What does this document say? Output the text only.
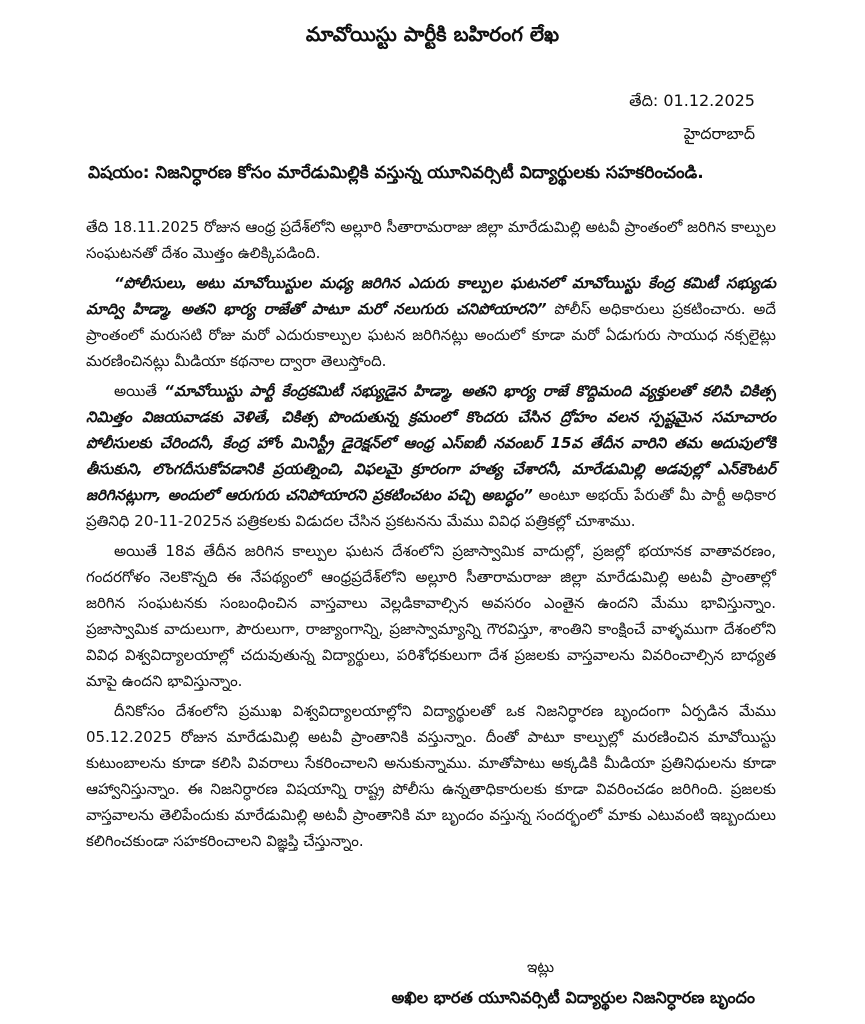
మావోయిస్టు పార్టీకి బహిరంగ లేఖ
తేది: 01.12.2025
హైదరాబాద్
విషయం: నిజనిర్ధారణ కోసం మారేడుమిల్లికి వస్తున్న యూనివర్సిటీ విద్యార్థులకు సహకరించండి.

తేది 18.11.2025 రోజున ఆంధ్ర ప్రదేశ్‌లోని అల్లూరి సీతారామరాజు జిల్లా మారేడుమిల్లి అటవీ ప్రాంతంలో జరిగిన కాల్పుల సంఘటనతో దేశం మొత్తం ఉలిక్కిపడింది.

“పోలీసులు, అటు మావోయిస్టుల మధ్య జరిగిన ఎదురు కాల్పుల ఘటనలో మావోయిస్టు కేంద్ర కమిటీ సభ్యుడు మాద్వి హిడ్మా, అతని భార్య రాజేతో పాటూ మరో నలుగురు చనిపోయారని” పోలీస్ అధికారులు ప్రకటించారు. అదే ప్రాంతంలో మరుసటి రోజు మరో ఎదురుకాల్పుల ఘటన జరిగినట్లు అందులో కూడా మరో ఏడుగురు సాయుధ నక్సలైట్లు మరణించినట్లు మీడియా కథనాల ద్వారా తెలుస్తోంది.

అయితే “మావోయిస్టు పార్టీ కేంద్రకమిటీ సభ్యుడైన హిడ్మా, అతని భార్య రాజే కొద్దిమంది వ్యక్తులతో కలిసి చికిత్స నిమిత్తం విజయవాడకు వెళితే, చికిత్స పొందుతున్న క్రమంలో కొందరు చేసిన ద్రోహం వలన స్పష్టమైన సమాచారం పోలీసులకు చేరిందనీ, కేంద్ర హోం మినిస్ట్రీ డైరెక్షన్‌లో ఆంధ్ర ఎస్ఐబీ నవంబర్ 15వ తేదీన వారిని తమ అదుపులోకి తీసుకుని, లొంగదీసుకోవడానికి ప్రయత్నించి, విఫలమై క్రూరంగా హత్య చేశారనీ, మారేడుమిల్లి అడవుల్లో ఎన్‌కౌంటర్ జరిగినట్లుగా, అందులో ఆరుగురు చనిపోయారని ప్రకటించటం పచ్చి అబద్ధం” అంటూ అభయ్ పేరుతో మీ పార్టీ అధికార ప్రతినిధి 20-11-2025న పత్రికలకు విడుదల చేసిన ప్రకటనను మేము వివిధ పత్రికల్లో చూశాము.

అయితే 18వ తేదీన జరిగిన కాల్పుల ఘటన దేశంలోని ప్రజాస్వామిక వాదుల్లో, ప్రజల్లో భయానక వాతావరణం, గందరగోళం నెలకొన్నది ఈ నేపథ్యంలో ఆంధ్రప్రదేశ్‌లోని అల్లూరి సీతారామరాజు జిల్లా మారేడుమిల్లి అటవీ ప్రాంతాల్లో జరిగిన సంఘటనకు సంబంధించిన వాస్తవాలు వెల్లడికావాల్సిన అవసరం ఎంతైన ఉందని మేము భావిస్తున్నాం. ప్రజాస్వామిక వాదులుగా, పౌరులుగా, రాజ్యాంగాన్ని, ప్రజాస్వామ్యాన్ని గౌరవిస్తూ, శాంతిని కాంక్షించే వాళ్ళముగా దేశంలోని వివిధ విశ్వవిద్యాలయాల్లో చదువుతున్న విద్యార్థులు, పరిశోధకులుగా దేశ ప్రజలకు వాస్తవాలను వివరించాల్సిన బాధ్యత మాపై ఉందని భావిస్తున్నాం.

దీనికోసం దేశంలోని ప్రముఖ విశ్వవిద్యాలయాల్లోని విద్యార్థులతో ఒక నిజనిర్ధారణ బృందంగా ఏర్పడిన మేము 05.12.2025 రోజున మారేడుమిల్లి అటవీ ప్రాంతానికి వస్తున్నాం. దీంతో పాటూ కాల్పుల్లో మరణించిన మావోయిస్టు కుటుంబాలను కూడా కలిసి వివరాలు సేకరించాలని అనుకున్నాము. మాతోపాటు అక్కడికి మీడియా ప్రతినిధులను కూడా ఆహ్వానిస్తున్నాం. ఈ నిజనిర్ధారణ విషయాన్ని రాష్ట్ర పోలీసు ఉన్నతాధికారులకు కూడా వివరించడం జరిగింది. ప్రజలకు వాస్తవాలను తెలిపేందుకు మారేడుమిల్లి అటవీ ప్రాంతానికి మా బృందం వస్తున్న సందర్భంలో మాకు ఎటువంటి ఇబ్బందులు కలిగించకుండా సహకరించాలని విజ్ఞప్తి చేస్తున్నాం.

ఇట్లు
అఖిల భారత యూనివర్సిటీ విద్యార్థుల నిజనిర్ధారణ బృందం
